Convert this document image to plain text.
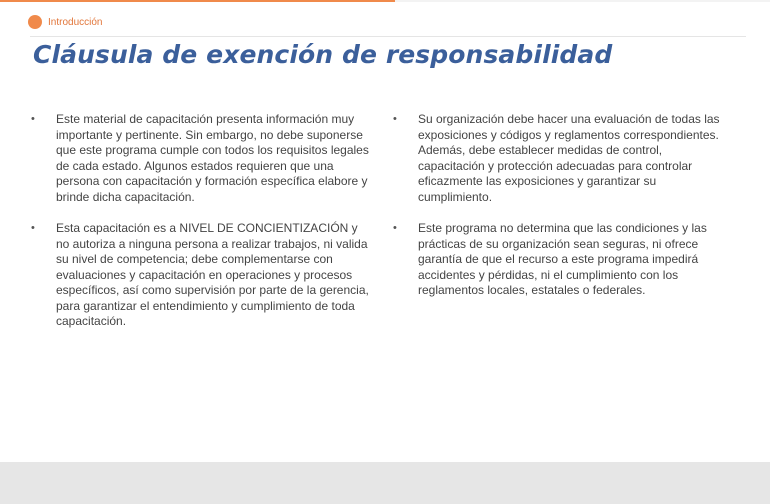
Introducción
Cláusula de exención de responsabilidad

• Este material de capacitación presenta información muy importante y pertinente. Sin embargo, no debe suponerse que este programa cumple con todos los requisitos legales de cada estado. Algunos estados requieren que una persona con capacitación y formación específica elabore y brinde dicha capacitación.

• Esta capacitación es a NIVEL DE CONCIENTIZACIÓN y no autoriza a ninguna persona a realizar trabajos, ni valida su nivel de competencia; debe complementarse con evaluaciones y capacitación en operaciones y procesos específicos, así como supervisión por parte de la gerencia, para garantizar el entendimiento y cumplimiento de toda capacitación.

• Su organización debe hacer una evaluación de todas las exposiciones y códigos y reglamentos correspondientes. Además, debe establecer medidas de control, capacitación y protección adecuadas para controlar eficazmente las exposiciones y garantizar su cumplimiento.

• Este programa no determina que las condiciones y las prácticas de su organización sean seguras, ni ofrece garantía de que el recurso a este programa impedirá accidentes y pérdidas, ni el cumplimiento con los reglamentos locales, estatales o federales.
